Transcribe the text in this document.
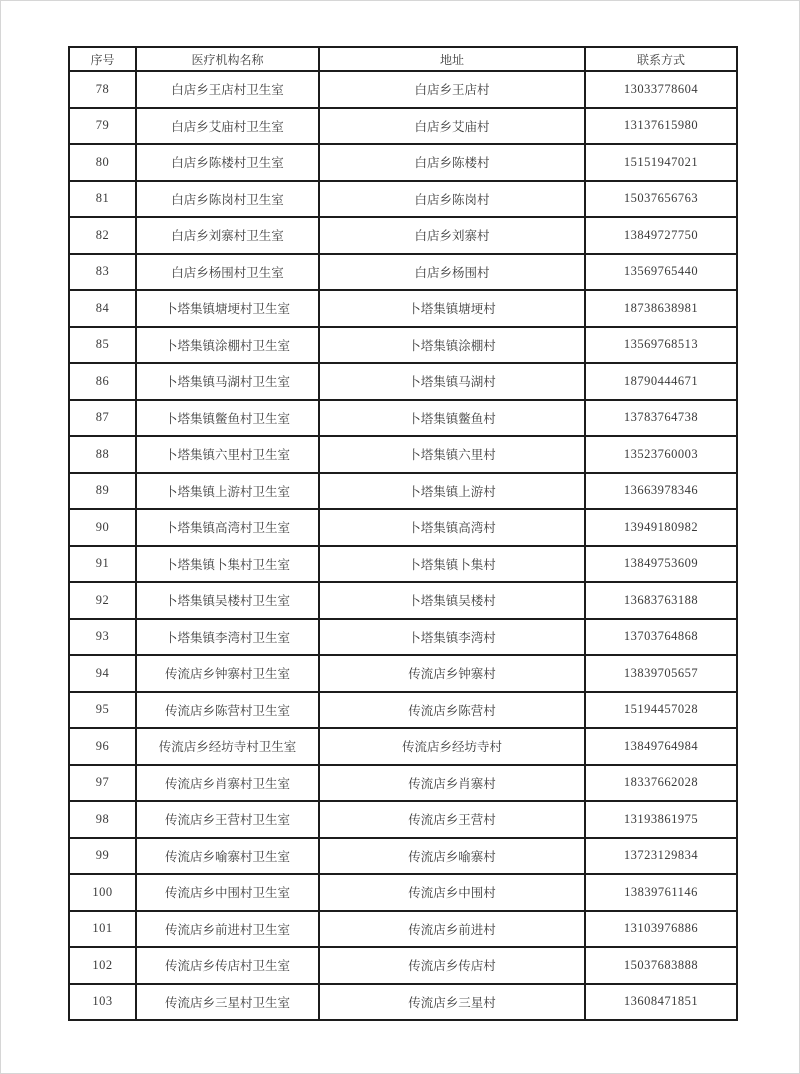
序号	医疗机构名称	地址	联系方式
78	白店乡王店村卫生室	白店乡王店村	13033778604
79	白店乡艾庙村卫生室	白店乡艾庙村	13137615980
80	白店乡陈楼村卫生室	白店乡陈楼村	15151947021
81	白店乡陈岗村卫生室	白店乡陈岗村	15037656763
82	白店乡刘寨村卫生室	白店乡刘寨村	13849727750
83	白店乡杨围村卫生室	白店乡杨围村	13569765440
84	卜塔集镇塘埂村卫生室	卜塔集镇塘埂村	18738638981
85	卜塔集镇涂棚村卫生室	卜塔集镇涂棚村	13569768513
86	卜塔集镇马湖村卫生室	卜塔集镇马湖村	18790444671
87	卜塔集镇鳖鱼村卫生室	卜塔集镇鳖鱼村	13783764738
88	卜塔集镇六里村卫生室	卜塔集镇六里村	13523760003
89	卜塔集镇上游村卫生室	卜塔集镇上游村	13663978346
90	卜塔集镇高湾村卫生室	卜塔集镇高湾村	13949180982
91	卜塔集镇卜集村卫生室	卜塔集镇卜集村	13849753609
92	卜塔集镇吴楼村卫生室	卜塔集镇吴楼村	13683763188
93	卜塔集镇李湾村卫生室	卜塔集镇李湾村	13703764868
94	传流店乡钟寨村卫生室	传流店乡钟寨村	13839705657
95	传流店乡陈营村卫生室	传流店乡陈营村	15194457028
96	传流店乡经坊寺村卫生室	传流店乡经坊寺村	13849764984
97	传流店乡肖寨村卫生室	传流店乡肖寨村	18337662028
98	传流店乡王营村卫生室	传流店乡王营村	13193861975
99	传流店乡喻寨村卫生室	传流店乡喻寨村	13723129834
100	传流店乡中围村卫生室	传流店乡中围村	13839761146
101	传流店乡前进村卫生室	传流店乡前进村	13103976886
102	传流店乡传店村卫生室	传流店乡传店村	15037683888
103	传流店乡三星村卫生室	传流店乡三星村	13608471851
